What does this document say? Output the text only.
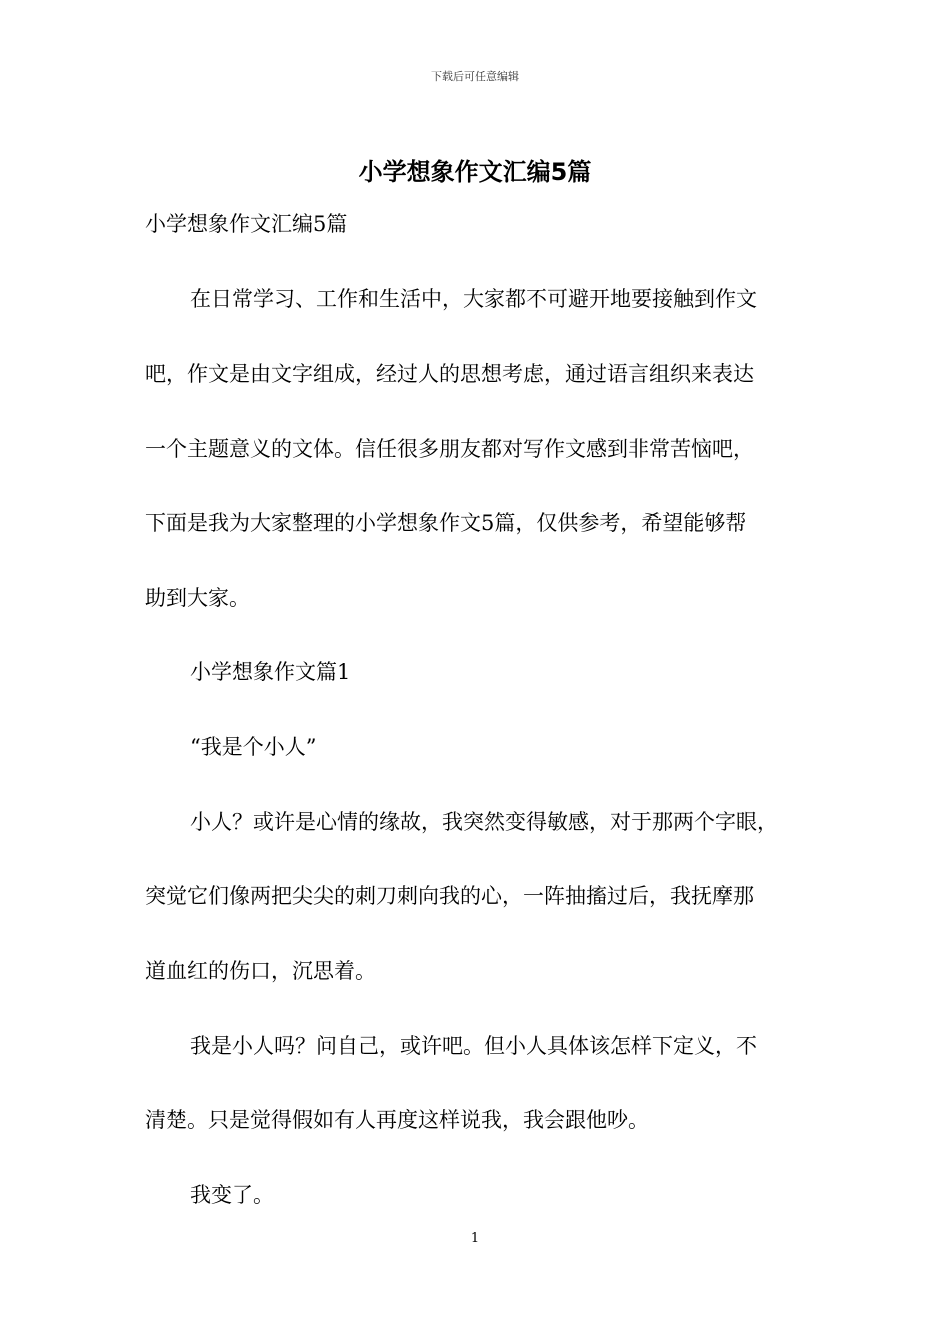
下载后可任意编辑
小学想象作文汇编5篇
小学想象作文汇编5篇
在日常学习、工作和生活中，大家都不可避开地要接触到作文
吧，作文是由文字组成，经过人的思想考虑，通过语言组织来表达
一个主题意义的文体。信任很多朋友都对写作文感到非常苦恼吧，
下面是我为大家整理的小学想象作文5篇，仅供参考，希望能够帮
助到大家。
小学想象作文篇1
“我是个小人”
小人？或许是心情的缘故，我突然变得敏感，对于那两个字眼，
突觉它们像两把尖尖的刺刀刺向我的心，一阵抽搐过后，我抚摩那
道血红的伤口，沉思着。
我是小人吗？问自己，或许吧。但小人具体该怎样下定义，不
清楚。只是觉得假如有人再度这样说我，我会跟他吵。
我变了。
1
